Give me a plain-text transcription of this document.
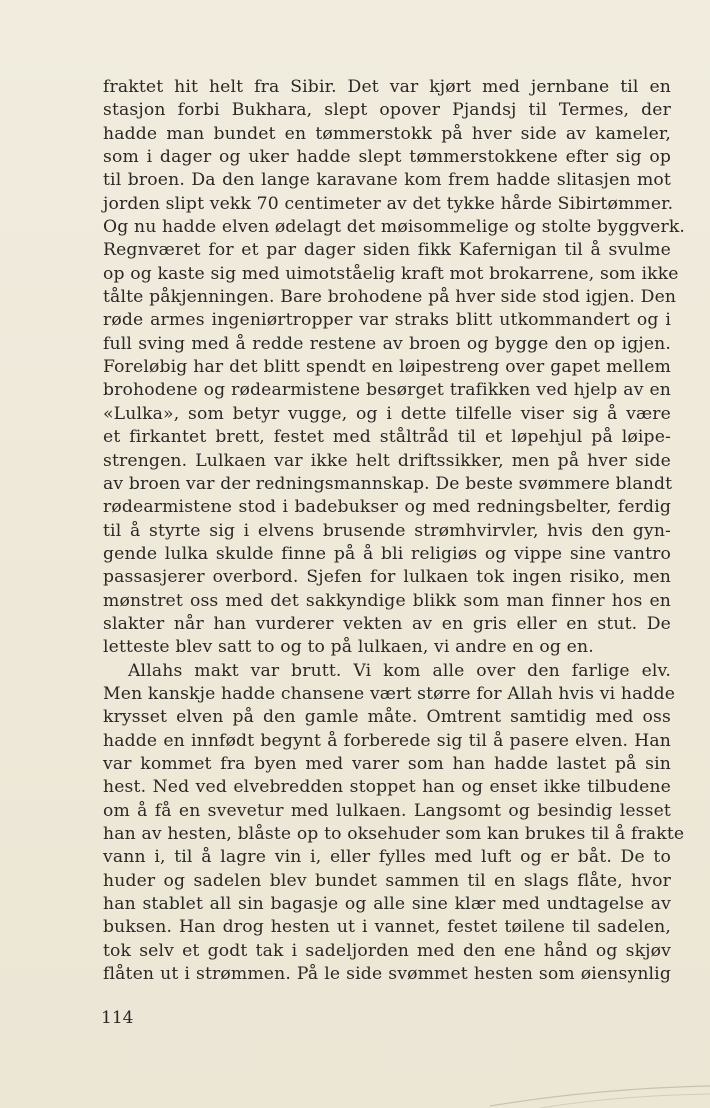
fraktet hit helt fra Sibir. Det var kjørt med jernbane til en
stasjon forbi Bukhara, slept opover Pjandsj til Termes, der
hadde man bundet en tømmerstokk på hver side av kameler,
som i dager og uker hadde slept tømmerstokkene efter sig op
til broen. Da den lange karavane kom frem hadde slitasjen mot
jorden slipt vekk 70 centimeter av det tykke hårde Sibirtømmer.
Og nu hadde elven ødelagt det møisommelige og stolte byggverk.
Regnværet for et par dager siden fikk Kafernigan til å svulme
op og kaste sig med uimotståelig kraft mot brokarrene, som ikke
tålte påkjenningen. Bare brohodene på hver side stod igjen. Den
røde armes ingeniørtropper var straks blitt utkommandert og i
full sving med å redde restene av broen og bygge den op igjen.
Foreløbig har det blitt spendt en løipestreng over gapet mellem
brohodene og rødearmistene besørget trafikken ved hjelp av en
«Lulka», som betyr vugge, og i dette tilfelle viser sig å være
et firkantet brett, festet med ståltråd til et løpehjul på løipe-
strengen. Lulkaen var ikke helt driftssikker, men på hver side
av broen var der redningsmannskap. De beste svømmere blandt
rødearmistene stod i badebukser og med redningsbelter, ferdig
til å styrte sig i elvens brusende strømhvirvler, hvis den gyn-
gende lulka skulde finne på å bli religiøs og vippe sine vantro
passasjerer overbord. Sjefen for lulkaen tok ingen risiko, men
mønstret oss med det sakkyndige blikk som man finner hos en
slakter når han vurderer vekten av en gris eller en stut. De
letteste blev satt to og to på lulkaen, vi andre en og en.
Allahs makt var brutt. Vi kom alle over den farlige elv.
Men kanskje hadde chansene vært større for Allah hvis vi hadde
krysset elven på den gamle måte. Omtrent samtidig med oss
hadde en innfødt begynt å forberede sig til å pasere elven. Han
var kommet fra byen med varer som han hadde lastet på sin
hest. Ned ved elvebredden stoppet han og enset ikke tilbudene
om å få en svevetur med lulkaen. Langsomt og besindig lesset
han av hesten, blåste op to oksehuder som kan brukes til å frakte
vann i, til å lagre vin i, eller fylles med luft og er båt. De to
huder og sadelen blev bundet sammen til en slags flåte, hvor
han stablet all sin bagasje og alle sine klær med undtagelse av
buksen. Han drog hesten ut i vannet, festet tøilene til sadelen,
tok selv et godt tak i sadeljorden med den ene hånd og skjøv
flåten ut i strømmen. På le side svømmet hesten som øiensynlig
114
